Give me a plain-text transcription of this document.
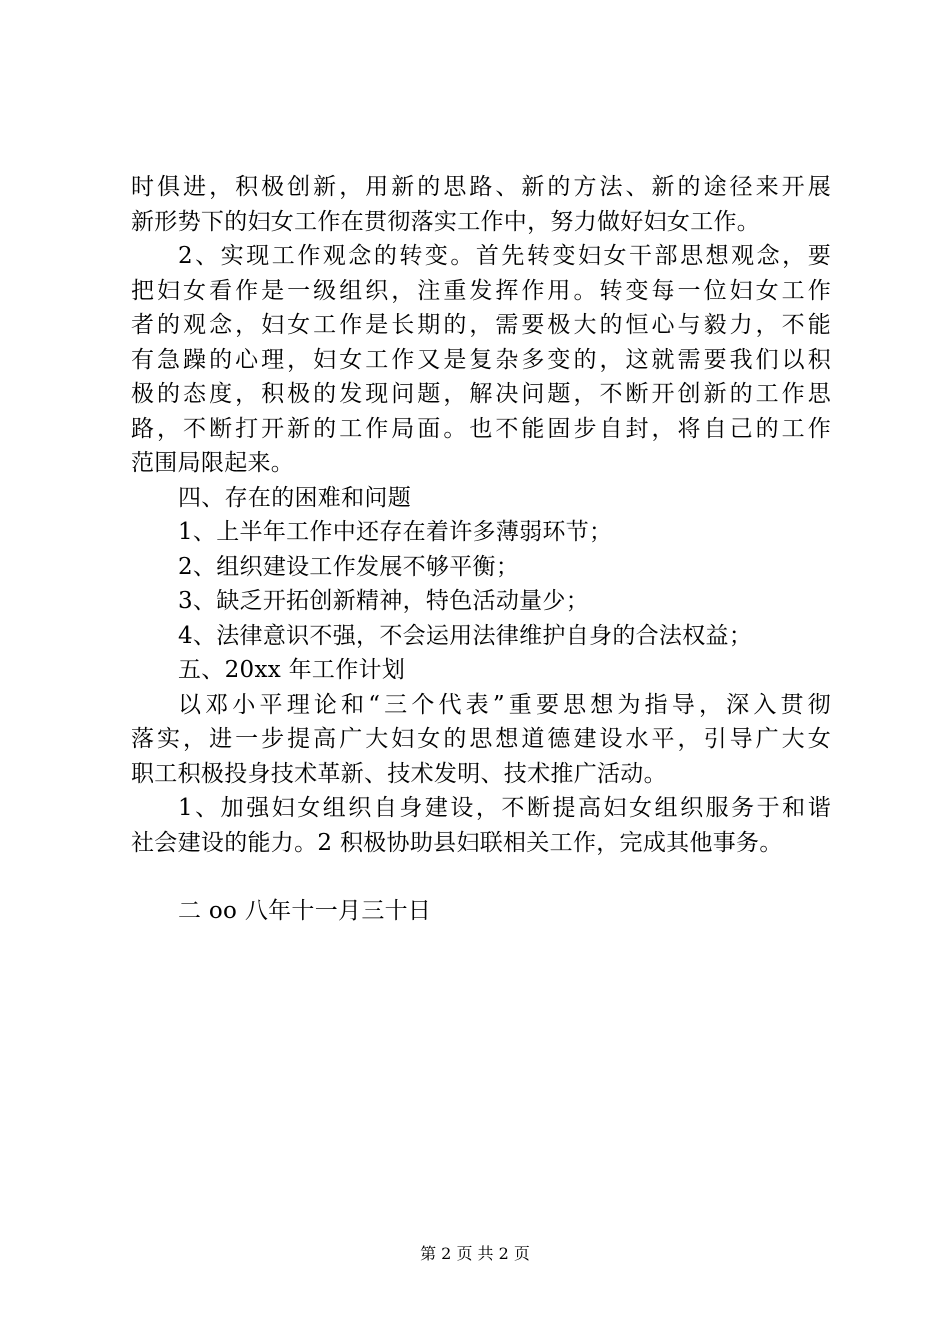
时俱进，积极创新，用新的思路、新的方法、新的途径来开展
新形势下的妇女工作在贯彻落实工作中，努力做好妇女工作。
2、实现工作观念的转变。首先转变妇女干部思想观念，要
把妇女看作是一级组织，注重发挥作用。转变每一位妇女工作
者的观念，妇女工作是长期的，需要极大的恒心与毅力，不能
有急躁的心理，妇女工作又是复杂多变的，这就需要我们以积
极的态度，积极的发现问题，解决问题，不断开创新的工作思
路，不断打开新的工作局面。也不能固步自封，将自己的工作
范围局限起来。
四、存在的困难和问题
1、上半年工作中还存在着许多薄弱环节；
2、组织建设工作发展不够平衡；
3、缺乏开拓创新精神，特色活动量少；
4、法律意识不强，不会运用法律维护自身的合法权益；
五、20xx 年工作计划
以邓小平理论和“三个代表”重要思想为指导，深入贯彻
落实，进一步提高广大妇女的思想道德建设水平，引导广大女
职工积极投身技术革新、技术发明、技术推广活动。
1、加强妇女组织自身建设，不断提高妇女组织服务于和谐
社会建设的能力。2 积极协助县妇联相关工作，完成其他事务。
二 oo 八年十一月三十日
第 2 页 共 2 页
